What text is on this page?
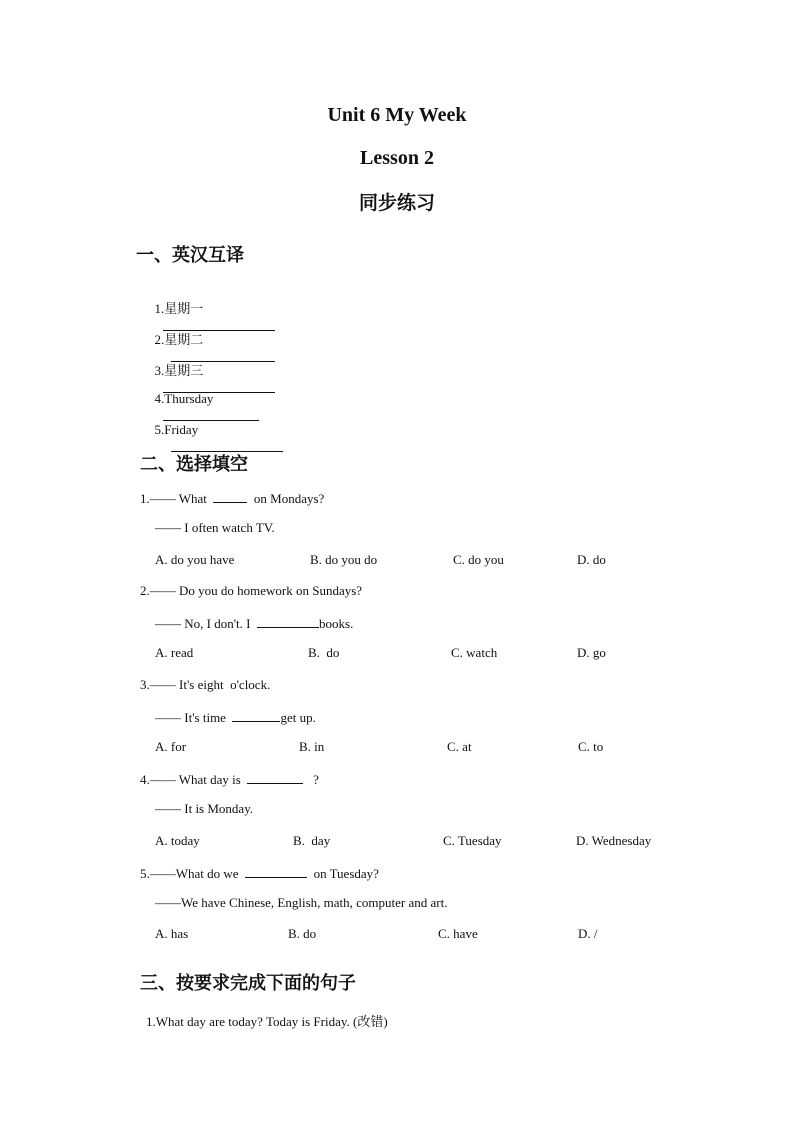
Unit 6 My Week
Lesson 2
同步练习
一、英汉互译

1.星期一

2.星期二

3.星期三

4.Thursday

5.Friday

二、选择填空
1.—— What	on Mondays?
—— I often watch TV.
A. do you have	B. do you do	C. do you	D. do
2.—— Do you do homework on Sundays?
—— No, I don't. I	books.
A. read	B.  do	C. watch	D. go
3.—— It's eight  o'clock.
—— It's time	get up.
A. for	B. in	C. at	C. to
4.—— What day is	?
—— It is Monday.
A. today	B.  day	C. Tuesday	D. Wednesday
5.——What do we	on Tuesday?
——We have Chinese, English, math, computer and art.
A. has	B. do	C. have	D. /
三、按要求完成下面的句子
1.What day are today? Today is Friday. (改错)
